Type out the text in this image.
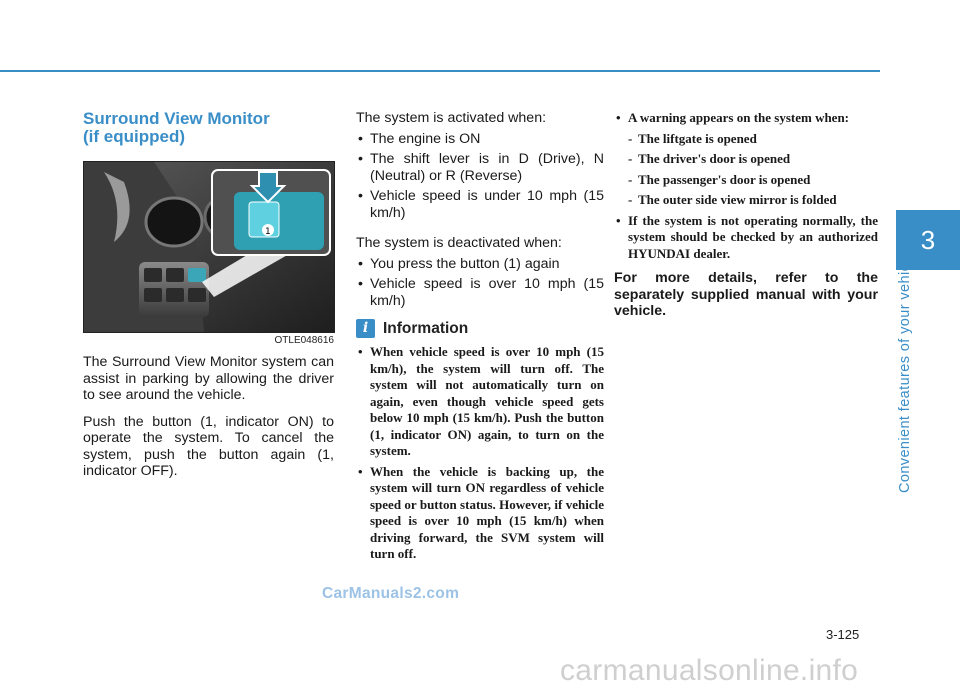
3
Convenient features of your vehicle
Surround View Monitor
(if equipped)
1
OTLE048616

The Surround View Monitor system can assist in parking by allowing the driver to see around the vehicle.

Push the button (1, indicator ON) to operate the system. To cancel the system, push the button again (1, indicator OFF).

The system is activated when:

• The engine is ON
• The shift lever is in D (Drive), N (Neutral) or R (Reverse)
• Vehicle speed is under 10 mph (15 km/h)

The system is deactivated when:

• You press the button (1) again
• Vehicle speed is over 10 mph (15 km/h)
i Information
• When vehicle speed is over 10 mph (15 km/h), the system will turn off. The system will not automatically turn on again, even though vehicle speed gets below 10 mph (15 km/h). Push the button (1, indicator ON) again, to turn on the system.
• When the vehicle is backing up, the system will turn ON regardless of vehicle speed or button status. However, if vehicle speed is over 10 mph (15 km/h) when driving forward, the SVM system will turn off.
• A warning appears on the system when:
- The liftgate is opened
- The driver's door is opened
- The passenger's door is opened
- The outer side view mirror is folded
• If the system is not operating normally, the system should be checked by an authorized HYUNDAI dealer.
For more details, refer to the separately supplied manual with your vehicle.
3-125
CarManuals2.com
carmanualsonline.info
